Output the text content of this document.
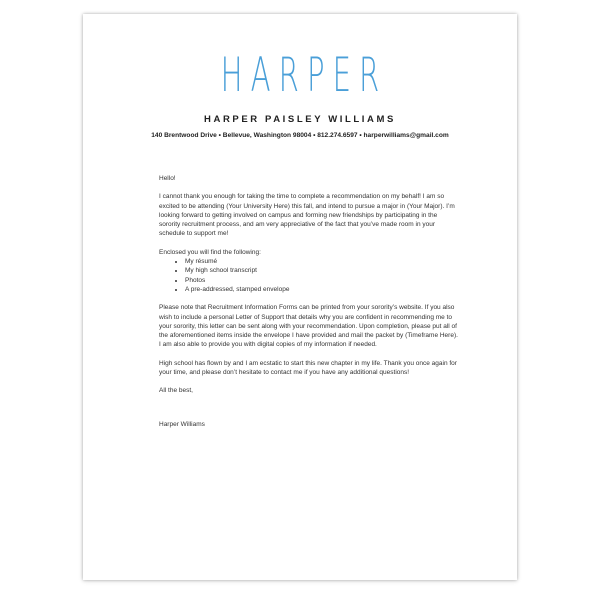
HARPER
HARPER PAISLEY WILLIAMS
140 Brentwood Drive • Bellevue, Washington 98004 • 812.274.6597 • harperwilliams@gmail.com

Hello!

I cannot thank you enough for taking the time to complete a recommendation on my behalf! I am so excited to be attending (Your University Here) this fall, and intend to pursue a major in (Your Major). I’m looking forward to getting involved on campus and forming new friendships by participating in the sorority recruitment process, and am very appreciative of the fact that you’ve made room in your schedule to support me!

Enclosed you will find the following:

• My résumé
• My high school transcript
• Photos
• A pre-addressed, stamped envelope

Please note that Recruitment Information Forms can be printed from your sorority’s website. If you also wish to include a personal Letter of Support that details why you are confident in recommending me to your sorority, this letter can be sent along with your recommendation. Upon completion, please put all of the aforementioned items inside the envelope I have provided and mail the packet by (Timeframe Here). I am also able to provide you with digital copies of my information if needed.

High school has flown by and I am ecstatic to start this new chapter in my life. Thank you once again for your time, and please don’t hesitate to contact me if you have any additional questions!

All the best,

Harper Williams
